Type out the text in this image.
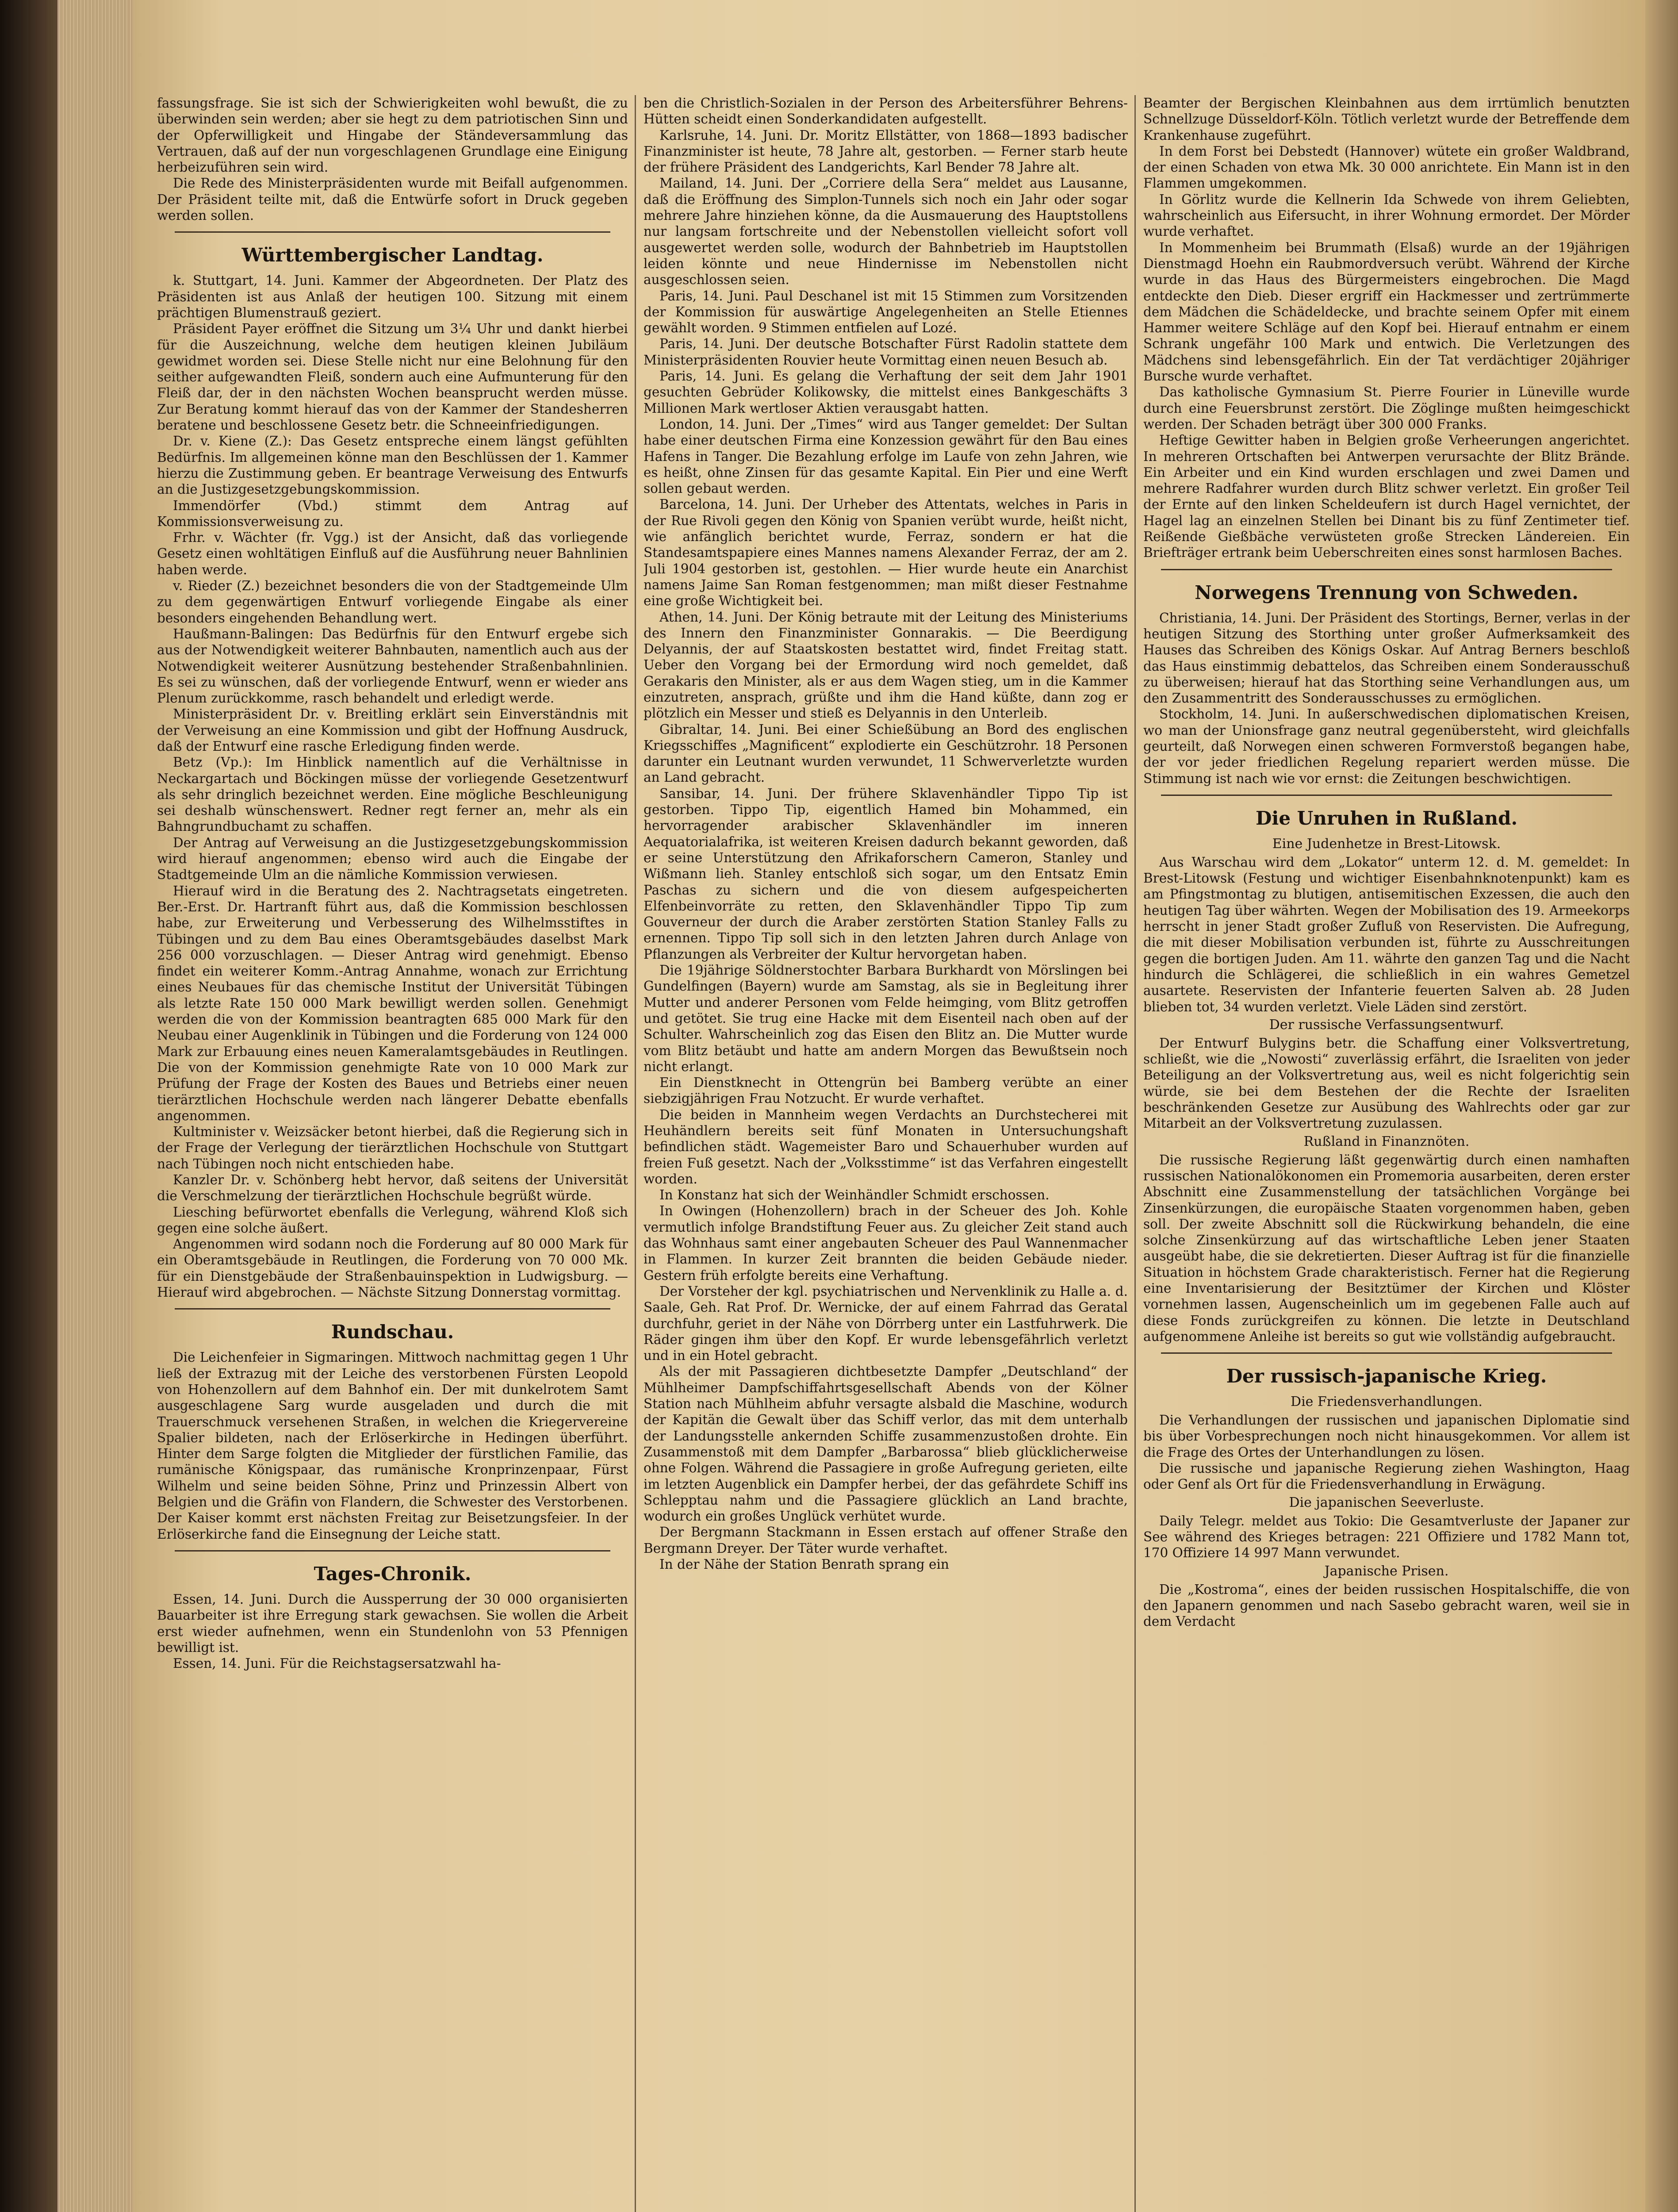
fassungsfrage. Sie ist sich der Schwierigkeiten wohl bewußt, die zu überwinden sein werden; aber sie hegt zu dem patriotischen Sinn und der Opferwilligkeit und Hingabe der Ständeversammlung das Vertrauen, daß auf der nun vorgeschlagenen Grundlage eine Einigung herbeizuführen sein wird.

Die Rede des Ministerpräsidenten wurde mit Beifall aufgenommen. Der Präsident teilte mit, daß die Entwürfe sofort in Druck gegeben werden sollen.

Württembergischer Landtag.

k. Stuttgart, 14. Juni. Kammer der Abgeordneten. Der Platz des Präsidenten ist aus Anlaß der heutigen 100. Sitzung mit einem prächtigen Blumenstrauß geziert.

Präsident Payer eröffnet die Sitzung um 3¼ Uhr und dankt hierbei für die Auszeichnung, welche dem heutigen kleinen Jubiläum gewidmet worden sei. Diese Stelle nicht nur eine Belohnung für den seither aufgewandten Fleiß, sondern auch eine Aufmunterung für den Fleiß dar, der in den nächsten Wochen beansprucht werden müsse. Zur Beratung kommt hierauf das von der Kammer der Standesherren beratene und beschlossene Gesetz betr. die Schneeinfriedigungen.

Dr. v. Kiene (Z.): Das Gesetz entspreche einem längst gefühlten Bedürfnis. Im allgemeinen könne man den Beschlüssen der 1. Kammer hierzu die Zustimmung geben. Er beantrage Verweisung des Entwurfs an die Justizgesetzgebungskommission.

Immendörfer (Vbd.) stimmt dem Antrag auf Kommissionsverweisung zu.

Frhr. v. Wächter (fr. Vgg.) ist der Ansicht, daß das vorliegende Gesetz einen wohltätigen Einfluß auf die Ausführung neuer Bahnlinien haben werde.

v. Rieder (Z.) bezeichnet besonders die von der Stadtgemeinde Ulm zu dem gegenwärtigen Entwurf vorliegende Eingabe als einer besonders eingehenden Behandlung wert.

Haußmann-Balingen: Das Bedürfnis für den Entwurf ergebe sich aus der Notwendigkeit weiterer Bahnbauten, namentlich auch aus der Notwendigkeit weiterer Ausnützung bestehender Straßenbahnlinien. Es sei zu wünschen, daß der vorliegende Entwurf, wenn er wieder ans Plenum zurückkomme, rasch behandelt und erledigt werde.

Ministerpräsident Dr. v. Breitling erklärt sein Einverständnis mit der Verweisung an eine Kommission und gibt der Hoffnung Ausdruck, daß der Entwurf eine rasche Erledigung finden werde.

Betz (Vp.): Im Hinblick namentlich auf die Verhältnisse in Neckargartach und Böckingen müsse der vorliegende Gesetzentwurf als sehr dringlich bezeichnet werden. Eine mögliche Beschleunigung sei deshalb wünschenswert. Redner regt ferner an, mehr als ein Bahngrundbuchamt zu schaffen.

Der Antrag auf Verweisung an die Justizgesetzgebungskommission wird hierauf angenommen; ebenso wird auch die Eingabe der Stadtgemeinde Ulm an die nämliche Kommission verwiesen.

Hierauf wird in die Beratung des 2. Nachtragsetats eingetreten. Ber.-Erst. Dr. Hartranft führt aus, daß die Kommission beschlossen habe, zur Erweiterung und Verbesserung des Wilhelmsstiftes in Tübingen und zu dem Bau eines Oberamtsgebäudes daselbst Mark 256 000 vorzuschlagen. — Dieser Antrag wird genehmigt. Ebenso findet ein weiterer Komm.-Antrag Annahme, wonach zur Errichtung eines Neubaues für das chemische Institut der Universität Tübingen als letzte Rate 150 000 Mark bewilligt werden sollen. Genehmigt werden die von der Kommission beantragten 685 000 Mark für den Neubau einer Augenklinik in Tübingen und die Forderung von 124 000 Mark zur Erbauung eines neuen Kameralamtsgebäudes in Reutlingen. Die von der Kommission genehmigte Rate von 10 000 Mark zur Prüfung der Frage der Kosten des Baues und Betriebs einer neuen tierärztlichen Hochschule werden nach längerer Debatte ebenfalls angenommen.

Kultminister v. Weizsäcker betont hierbei, daß die Regierung sich in der Frage der Verlegung der tierärztlichen Hochschule von Stuttgart nach Tübingen noch nicht entschieden habe.

Kanzler Dr. v. Schönberg hebt hervor, daß seitens der Universität die Verschmelzung der tierärztlichen Hochschule begrüßt würde.

Liesching befürwortet ebenfalls die Verlegung, während Kloß sich gegen eine solche äußert.

Angenommen wird sodann noch die Forderung auf 80 000 Mark für ein Oberamtsgebäude in Reutlingen, die Forderung von 70 000 Mk. für ein Dienstgebäude der Straßenbauinspektion in Ludwigsburg. — Hierauf wird abgebrochen. — Nächste Sitzung Donnerstag vormittag.

Rundschau.

Die Leichenfeier in Sigmaringen. Mittwoch nachmittag gegen 1 Uhr ließ der Extrazug mit der Leiche des verstorbenen Fürsten Leopold von Hohenzollern auf dem Bahnhof ein. Der mit dunkelrotem Samt ausgeschlagene Sarg wurde ausgeladen und durch die mit Trauerschmuck versehenen Straßen, in welchen die Kriegervereine Spalier bildeten, nach der Erlöserkirche in Hedingen überführt. Hinter dem Sarge folgten die Mitglieder der fürstlichen Familie, das rumänische Königspaar, das rumänische Kronprinzenpaar, Fürst Wilhelm und seine beiden Söhne, Prinz und Prinzessin Albert von Belgien und die Gräfin von Flandern, die Schwester des Verstorbenen. Der Kaiser kommt erst nächsten Freitag zur Beisetzungsfeier. In der Erlöserkirche fand die Einsegnung der Leiche statt.

Tages-Chronik.

Essen, 14. Juni. Durch die Aussperrung der 30 000 organisierten Bauarbeiter ist ihre Erregung stark gewachsen. Sie wollen die Arbeit erst wieder aufnehmen, wenn ein Stundenlohn von 53 Pfennigen bewilligt ist.

Essen, 14. Juni. Für die Reichstagsersatzwahl ha-

ben die Christlich-Sozialen in der Person des Arbeitersführer Behrens-Hütten scheidt einen Sonderkandidaten aufgestellt.

Karlsruhe, 14. Juni. Dr. Moritz Ellstätter, von 1868—1893 badischer Finanzminister ist heute, 78 Jahre alt, gestorben. — Ferner starb heute der frühere Präsident des Landgerichts, Karl Bender 78 Jahre alt.

Mailand, 14. Juni. Der „Corriere della Sera“ meldet aus Lausanne, daß die Eröffnung des Simplon-Tunnels sich noch ein Jahr oder sogar mehrere Jahre hinziehen könne, da die Ausmauerung des Hauptstollens nur langsam fortschreite und der Nebenstollen vielleicht sofort voll ausgewertet werden solle, wodurch der Bahnbetrieb im Hauptstollen leiden könnte und neue Hindernisse im Nebenstollen nicht ausgeschlossen seien.

Paris, 14. Juni. Paul Deschanel ist mit 15 Stimmen zum Vorsitzenden der Kommission für auswärtige Angelegenheiten an Stelle Etiennes gewählt worden. 9 Stimmen entfielen auf Lozé.

Paris, 14. Juni. Der deutsche Botschafter Fürst Radolin stattete dem Ministerpräsidenten Rouvier heute Vormittag einen neuen Besuch ab.

Paris, 14. Juni. Es gelang die Verhaftung der seit dem Jahr 1901 gesuchten Gebrüder Kolikowsky, die mittelst eines Bankgeschäfts 3 Millionen Mark wertloser Aktien verausgabt hatten.

London, 14. Juni. Der „Times“ wird aus Tanger gemeldet: Der Sultan habe einer deutschen Firma eine Konzession gewährt für den Bau eines Hafens in Tanger. Die Bezahlung erfolge im Laufe von zehn Jahren, wie es heißt, ohne Zinsen für das gesamte Kapital. Ein Pier und eine Werft sollen gebaut werden.

Barcelona, 14. Juni. Der Urheber des Attentats, welches in Paris in der Rue Rivoli gegen den König von Spanien verübt wurde, heißt nicht, wie anfänglich berichtet wurde, Ferraz, sondern er hat die Standesamtspapiere eines Mannes namens Alexander Ferraz, der am 2. Juli 1904 gestorben ist, gestohlen. — Hier wurde heute ein Anarchist namens Jaime San Roman festgenommen; man mißt dieser Festnahme eine große Wichtigkeit bei.

Athen, 14. Juni. Der König betraute mit der Leitung des Ministeriums des Innern den Finanzminister Gonnarakis. — Die Beerdigung Delyannis, der auf Staatskosten bestattet wird, findet Freitag statt. Ueber den Vorgang bei der Ermordung wird noch gemeldet, daß Gerakaris den Minister, als er aus dem Wagen stieg, um in die Kammer einzutreten, ansprach, grüßte und ihm die Hand küßte, dann zog er plötzlich ein Messer und stieß es Delyannis in den Unterleib.

Gibraltar, 14. Juni. Bei einer Schießübung an Bord des englischen Kriegsschiffes „Magnificent“ explodierte ein Geschützrohr. 18 Personen darunter ein Leutnant wurden verwundet, 11 Schwerverletzte wurden an Land gebracht.

Sansibar, 14. Juni. Der frühere Sklavenhändler Tippo Tip ist gestorben. Tippo Tip, eigentlich Hamed bin Mohammed, ein hervorragender arabischer Sklavenhändler im inneren Aequatorialafrika, ist weiteren Kreisen dadurch bekannt geworden, daß er seine Unterstützung den Afrikaforschern Cameron, Stanley und Wißmann lieh. Stanley entschloß sich sogar, um den Entsatz Emin Paschas zu sichern und die von diesem aufgespeicherten Elfenbeinvorräte zu retten, den Sklavenhändler Tippo Tip zum Gouverneur der durch die Araber zerstörten Station Stanley Falls zu ernennen. Tippo Tip soll sich in den letzten Jahren durch Anlage von Pflanzungen als Verbreiter der Kultur hervorgetan haben.

Die 19jährige Söldnerstochter Barbara Burkhardt von Mörslingen bei Gundelfingen (Bayern) wurde am Samstag, als sie in Begleitung ihrer Mutter und anderer Personen vom Felde heimging, vom Blitz getroffen und getötet. Sie trug eine Hacke mit dem Eisenteil nach oben auf der Schulter. Wahrscheinlich zog das Eisen den Blitz an. Die Mutter wurde vom Blitz betäubt und hatte am andern Morgen das Bewußtsein noch nicht erlangt.

Ein Dienstknecht in Ottengrün bei Bamberg verübte an einer siebzigjährigen Frau Notzucht. Er wurde verhaftet.

Die beiden in Mannheim wegen Verdachts an Durchstecherei mit Heuhändlern bereits seit fünf Monaten in Untersuchungshaft befindlichen städt. Wagemeister Baro und Schauerhuber wurden auf freien Fuß gesetzt. Nach der „Volksstimme“ ist das Verfahren eingestellt worden.

In Konstanz hat sich der Weinhändler Schmidt erschossen.

In Owingen (Hohenzollern) brach in der Scheuer des Joh. Kohle vermutlich infolge Brandstiftung Feuer aus. Zu gleicher Zeit stand auch das Wohnhaus samt einer angebauten Scheuer des Paul Wannenmacher in Flammen. In kurzer Zeit brannten die beiden Gebäude nieder. Gestern früh erfolgte bereits eine Verhaftung.

Der Vorsteher der kgl. psychiatrischen und Nervenklinik zu Halle a. d. Saale, Geh. Rat Prof. Dr. Wernicke, der auf einem Fahrrad das Geratal durchfuhr, geriet in der Nähe von Dörrberg unter ein Lastfuhrwerk. Die Räder gingen ihm über den Kopf. Er wurde lebensgefährlich verletzt und in ein Hotel gebracht.

Als der mit Passagieren dichtbesetzte Dampfer „Deutschland“ der Mühlheimer Dampfschiffahrtsgesellschaft Abends von der Kölner Station nach Mühlheim abfuhr versagte alsbald die Maschine, wodurch der Kapitän die Gewalt über das Schiff verlor, das mit dem unterhalb der Landungsstelle ankernden Schiffe zusammenzustoßen drohte. Ein Zusammenstoß mit dem Dampfer „Barbarossa“ blieb glücklicherweise ohne Folgen. Während die Passagiere in große Aufregung gerieten, eilte im letzten Augenblick ein Dampfer herbei, der das gefährdete Schiff ins Schlepptau nahm und die Passagiere glücklich an Land brachte, wodurch ein großes Unglück verhütet wurde.

Der Bergmann Stackmann in Essen erstach auf offener Straße den Bergmann Dreyer. Der Täter wurde verhaftet.

In der Nähe der Station Benrath sprang ein

Beamter der Bergischen Kleinbahnen aus dem irrtümlich benutzten Schnellzuge Düsseldorf-Köln. Tötlich verletzt wurde der Betreffende dem Krankenhause zugeführt.

In dem Forst bei Debstedt (Hannover) wütete ein großer Waldbrand, der einen Schaden von etwa Mk. 30 000 anrichtete. Ein Mann ist in den Flammen umgekommen.

In Görlitz wurde die Kellnerin Ida Schwede von ihrem Geliebten, wahrscheinlich aus Eifersucht, in ihrer Wohnung ermordet. Der Mörder wurde verhaftet.

In Mommenheim bei Brummath (Elsaß) wurde an der 19jährigen Dienstmagd Hoehn ein Raubmordversuch verübt. Während der Kirche wurde in das Haus des Bürgermeisters eingebrochen. Die Magd entdeckte den Dieb. Dieser ergriff ein Hackmesser und zertrümmerte dem Mädchen die Schädeldecke, und brachte seinem Opfer mit einem Hammer weitere Schläge auf den Kopf bei. Hierauf entnahm er einem Schrank ungefähr 100 Mark und entwich. Die Verletzungen des Mädchens sind lebensgefährlich. Ein der Tat verdächtiger 20jähriger Bursche wurde verhaftet.

Das katholische Gymnasium St. Pierre Fourier in Lüneville wurde durch eine Feuersbrunst zerstört. Die Zöglinge mußten heimgeschickt werden. Der Schaden beträgt über 300 000 Franks.

Heftige Gewitter haben in Belgien große Verheerungen angerichtet. In mehreren Ortschaften bei Antwerpen verursachte der Blitz Brände. Ein Arbeiter und ein Kind wurden erschlagen und zwei Damen und mehrere Radfahrer wurden durch Blitz schwer verletzt. Ein großer Teil der Ernte auf den linken Scheldeufern ist durch Hagel vernichtet, der Hagel lag an einzelnen Stellen bei Dinant bis zu fünf Zentimeter tief. Reißende Gießbäche verwüsteten große Strecken Ländereien. Ein Briefträger ertrank beim Ueberschreiten eines sonst harmlosen Baches.

Norwegens Trennung von Schweden.

Christiania, 14. Juni. Der Präsident des Stortings, Berner, verlas in der heutigen Sitzung des Storthing unter großer Aufmerksamkeit des Hauses das Schreiben des Königs Oskar. Auf Antrag Berners beschloß das Haus einstimmig debattelos, das Schreiben einem Sonderausschuß zu überweisen; hierauf hat das Storthing seine Verhandlungen aus, um den Zusammentritt des Sonderausschusses zu ermöglichen.

Stockholm, 14. Juni. In außerschwedischen diplomatischen Kreisen, wo man der Unionsfrage ganz neutral gegenübersteht, wird gleichfalls geurteilt, daß Norwegen einen schweren Formverstoß begangen habe, der vor jeder friedlichen Regelung repariert werden müsse. Die Stimmung ist nach wie vor ernst: die Zeitungen beschwichtigen.

Die Unruhen in Rußland.
Eine Judenhetze in Brest-Litowsk.

Aus Warschau wird dem „Lokator“ unterm 12. d. M. gemeldet: In Brest-Litowsk (Festung und wichtiger Eisenbahnknotenpunkt) kam es am Pfingstmontag zu blutigen, antisemitischen Exzessen, die auch den heutigen Tag über währten. Wegen der Mobilisation des 19. Armeekorps herrscht in jener Stadt großer Zufluß von Reservisten. Die Aufregung, die mit dieser Mobilisation verbunden ist, führte zu Ausschreitungen gegen die bortigen Juden. Am 11. währte den ganzen Tag und die Nacht hindurch die Schlägerei, die schließlich in ein wahres Gemetzel ausartete. Reservisten der Infanterie feuerten Salven ab. 28 Juden blieben tot, 34 wurden verletzt. Viele Läden sind zerstört.

Der russische Verfassungsentwurf.

Der Entwurf Bulygins betr. die Schaffung einer Volksvertretung, schließt, wie die „Nowosti“ zuverlässig erfährt, die Israeliten von jeder Beteiligung an der Volksvertretung aus, weil es nicht folgerichtig sein würde, sie bei dem Bestehen der die Rechte der Israeliten beschränkenden Gesetze zur Ausübung des Wahlrechts oder gar zur Mitarbeit an der Volksvertretung zuzulassen.

Rußland in Finanznöten.

Die russische Regierung läßt gegenwärtig durch einen namhaften russischen Nationalökonomen ein Promemoria ausarbeiten, deren erster Abschnitt eine Zusammenstellung der tatsächlichen Vorgänge bei Zinsenkürzungen, die europäische Staaten vorgenommen haben, geben soll. Der zweite Abschnitt soll die Rückwirkung behandeln, die eine solche Zinsenkürzung auf das wirtschaftliche Leben jener Staaten ausgeübt habe, die sie dekretierten. Dieser Auftrag ist für die finanzielle Situation in höchstem Grade charakteristisch. Ferner hat die Regierung eine Inventarisierung der Besitztümer der Kirchen und Klöster vornehmen lassen, Augenscheinlich um im gegebenen Falle auch auf diese Fonds zurückgreifen zu können. Die letzte in Deutschland aufgenommene Anleihe ist bereits so gut wie vollständig aufgebraucht.

Der russisch-japanische Krieg.
Die Friedensverhandlungen.

Die Verhandlungen der russischen und japanischen Diplomatie sind bis über Vorbesprechungen noch nicht hinausgekommen. Vor allem ist die Frage des Ortes der Unterhandlungen zu lösen.

Die russische und japanische Regierung ziehen Washington, Haag oder Genf als Ort für die Friedensverhandlung in Erwägung.

Die japanischen Seeverluste.

Daily Telegr. meldet aus Tokio: Die Gesamtverluste der Japaner zur See während des Krieges betragen: 221 Offiziere und 1782 Mann tot, 170 Offiziere 14 997 Mann verwundet.

Japanische Prisen.

Die „Kostroma“, eines der beiden russischen Hospitalschiffe, die von den Japanern genommen und nach Sasebo gebracht waren, weil sie in dem Verdacht
